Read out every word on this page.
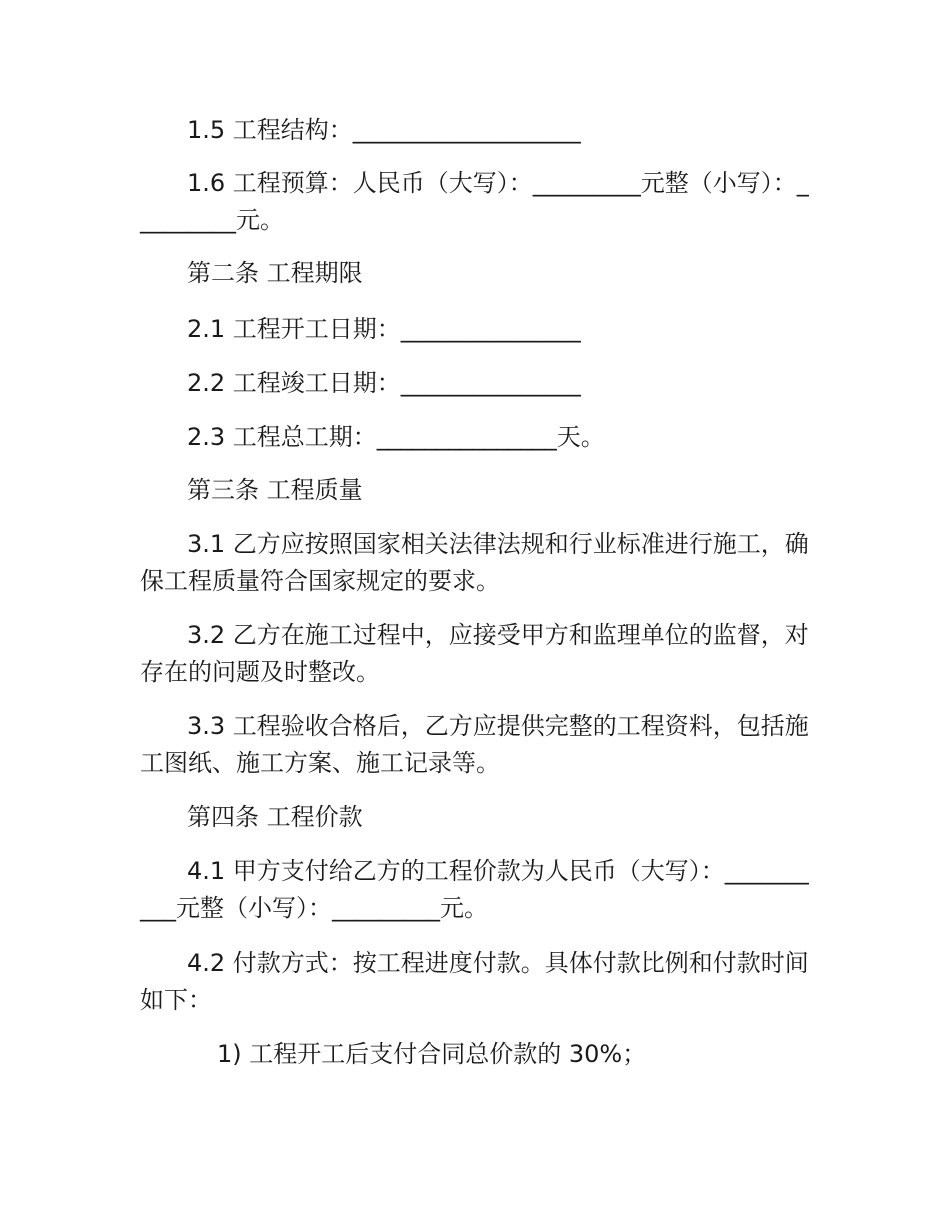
1.5 工程结构：___________________

1.6 工程预算：人民币（大写）：_________元整（小写）：_________元。

第二条 工程期限

2.1 工程开工日期：_______________

2.2 工程竣工日期：_______________

2.3 工程总工期：_______________天。

第三条 工程质量

3.1 乙方应按照国家相关法律法规和行业标准进行施工，确保工程质量符合国家规定的要求。

3.2 乙方在施工过程中，应接受甲方和监理单位的监督，对存在的问题及时整改。

3.3 工程验收合格后，乙方应提供完整的工程资料，包括施工图纸、施工方案、施工记录等。

第四条 工程价款

4.1 甲方支付给乙方的工程价款为人民币（大写）：__________元整（小写）：_________元。

4.2 付款方式：按工程进度付款。具体付款比例和付款时间如下：

1) 工程开工后支付合同总价款的 30%；
